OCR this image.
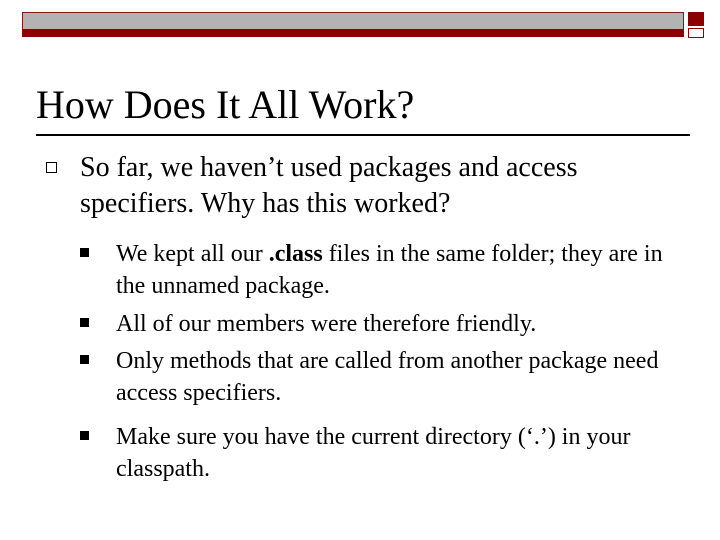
How Does It All Work?
So far, we haven’t used packages and access specifiers. Why has this worked?
We kept all our .class files in the same folder; they are in the unnamed package.
All of our members were therefore friendly.
Only methods that are called from another package need access specifiers.
Make sure you have the current directory (‘.’) in your classpath.
